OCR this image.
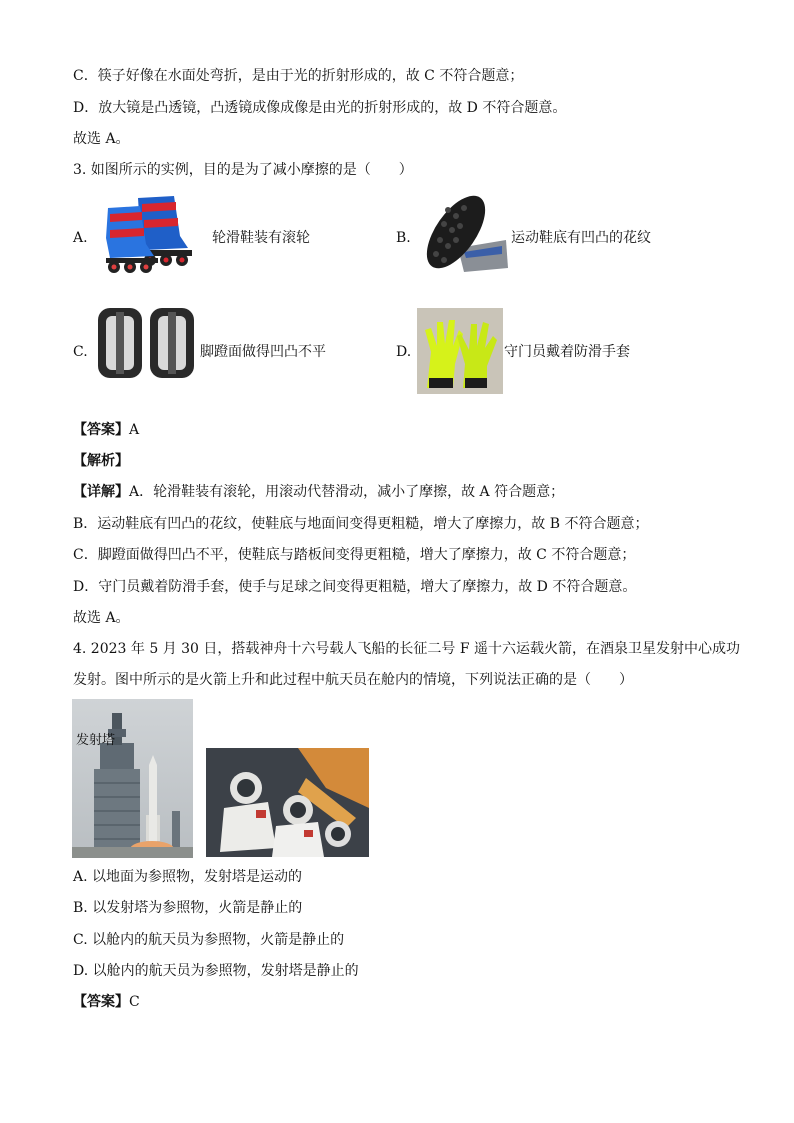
C．筷子好像在水面处弯折，是由于光的折射形成的，故 C 不符合题意；
D．放大镜是凸透镜，凸透镜成像成像是由光的折射形成的，故 D 不符合题意。
故选 A。
3. 如图所示的实例，目的是为了减小摩擦的是（　　）
A.	轮滑鞋装有滚轮	B.	运动鞋底有凹凸的花纹
C.	脚蹬面做得凹凸不平	D.	守门员戴着防滑手套
【答案】A
【解析】
【详解】A．轮滑鞋装有滚轮，用滚动代替滑动，减小了摩擦，故 A 符合题意；
B．运动鞋底有凹凸的花纹，使鞋底与地面间变得更粗糙，增大了摩擦力，故 B 不符合题意；
C．脚蹬面做得凹凸不平，使鞋底与踏板间变得更粗糙，增大了摩擦力，故 C 不符合题意；
D．守门员戴着防滑手套，使手与足球之间变得更粗糙，增大了摩擦力，故 D 不符合题意。
故选 A。
4. 2023 年 5 月 30 日，搭载神舟十六号载人飞船的长征二号 F 遥十六运载火箭，在酒泉卫星发射中心成功
发射。图中所示的是火箭上升和此过程中航天员在舱内的情境，下列说法正确的是（　　）
发射塔
A. 以地面为参照物，发射塔是运动的
B. 以发射塔为参照物，火箭是静止的
C. 以舱内的航天员为参照物，火箭是静止的
D. 以舱内的航天员为参照物，发射塔是静止的
【答案】C
